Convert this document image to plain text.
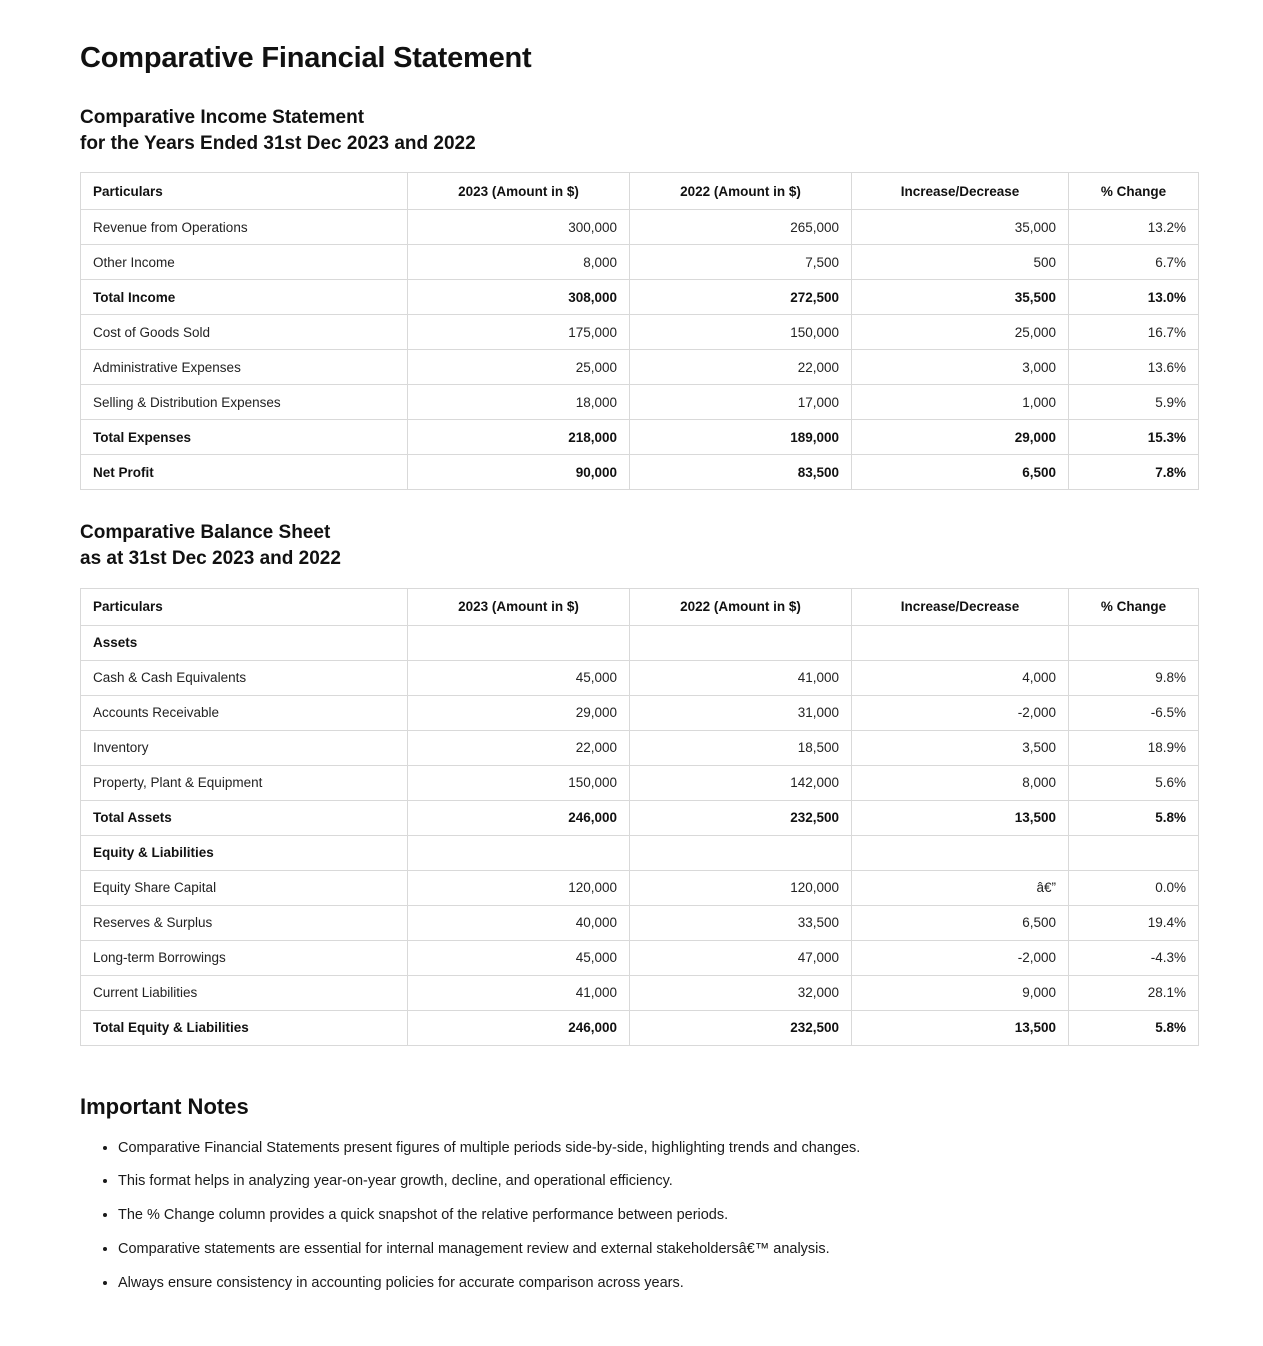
Comparative Financial Statement
Comparative Income Statement
for the Years Ended 31st Dec 2023 and 2022
Particulars	2023 (Amount in $)	2022 (Amount in $)	Increase/Decrease	% Change
Revenue from Operations	300,000	265,000	35,000	13.2%
Other Income	8,000	7,500	500	6.7%
Total Income	308,000	272,500	35,500	13.0%
Cost of Goods Sold	175,000	150,000	25,000	16.7%
Administrative Expenses	25,000	22,000	3,000	13.6%
Selling & Distribution Expenses	18,000	17,000	1,000	5.9%
Total Expenses	218,000	189,000	29,000	15.3%
Net Profit	90,000	83,500	6,500	7.8%
Comparative Balance Sheet
as at 31st Dec 2023 and 2022
Particulars	2023 (Amount in $)	2022 (Amount in $)	Increase/Decrease	% Change
Assets				
Cash & Cash Equivalents	45,000	41,000	4,000	9.8%
Accounts Receivable	29,000	31,000	-2,000	-6.5%
Inventory	22,000	18,500	3,500	18.9%
Property, Plant & Equipment	150,000	142,000	8,000	5.6%
Total Assets	246,000	232,500	13,500	5.8%
Equity & Liabilities				
Equity Share Capital	120,000	120,000	â€”	0.0%
Reserves & Surplus	40,000	33,500	6,500	19.4%
Long-term Borrowings	45,000	47,000	-2,000	-4.3%
Current Liabilities	41,000	32,000	9,000	28.1%
Total Equity & Liabilities	246,000	232,500	13,500	5.8%
Important Notes
• Comparative Financial Statements present figures of multiple periods side-by-side, highlighting trends and changes.
• This format helps in analyzing year-on-year growth, decline, and operational efficiency.
• The % Change column provides a quick snapshot of the relative performance between periods.
• Comparative statements are essential for internal management review and external stakeholdersâ€™ analysis.
• Always ensure consistency in accounting policies for accurate comparison across years.
